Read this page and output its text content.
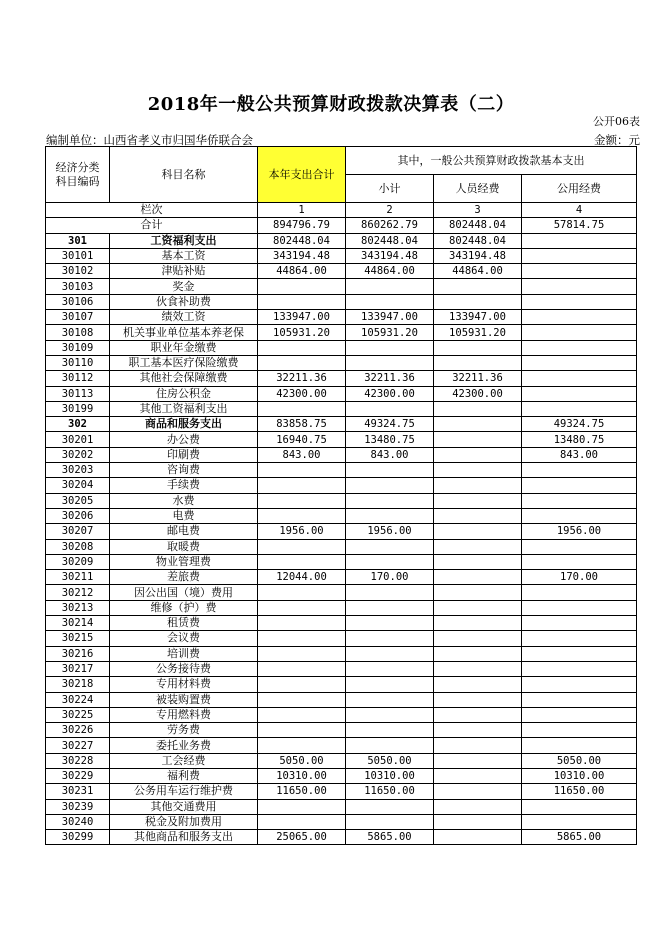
2018年一般公共预算财政拨款决算表（二）
公开06表
编制单位：山西省孝义市归国华侨联合会	金额：元
经济分类
科目编码	科目名称	本年支出合计	其中，一般公共预算财政拨款基本支出		
			小计	人员经费	公用经费
栏次		1	2	3	4
合计		894796.79	860262.79	802448.04	57814.75
301	工资福利支出	802448.04	802448.04	802448.04	
30101	基本工资	343194.48	343194.48	343194.48	
30102	津贴补贴	44864.00	44864.00	44864.00	
30103	奖金				
30106	伙食补助费				
30107	绩效工资	133947.00	133947.00	133947.00	
30108	机关事业单位基本养老保	105931.20	105931.20	105931.20	
30109	职业年金缴费				
30110	职工基本医疗保险缴费				
30112	其他社会保障缴费	32211.36	32211.36	32211.36	
30113	住房公积金	42300.00	42300.00	42300.00	
30199	其他工资福利支出				
302	商品和服务支出	83858.75	49324.75		49324.75
30201	办公费	16940.75	13480.75		13480.75
30202	印刷费	843.00	843.00		843.00
30203	咨询费				
30204	手续费				
30205	水费				
30206	电费				
30207	邮电费	1956.00	1956.00		1956.00
30208	取暖费				
30209	物业管理费				
30211	差旅费	12044.00	170.00		170.00
30212	因公出国（境）费用				
30213	维修（护）费				
30214	租赁费				
30215	会议费				
30216	培训费				
30217	公务接待费				
30218	专用材料费				
30224	被装购置费				
30225	专用燃料费				
30226	劳务费				
30227	委托业务费				
30228	工会经费	5050.00	5050.00		5050.00
30229	福利费	10310.00	10310.00		10310.00
30231	公务用车运行维护费	11650.00	11650.00		11650.00
30239	其他交通费用				
30240	税金及附加费用				
30299	其他商品和服务支出	25065.00	5865.00		5865.00
